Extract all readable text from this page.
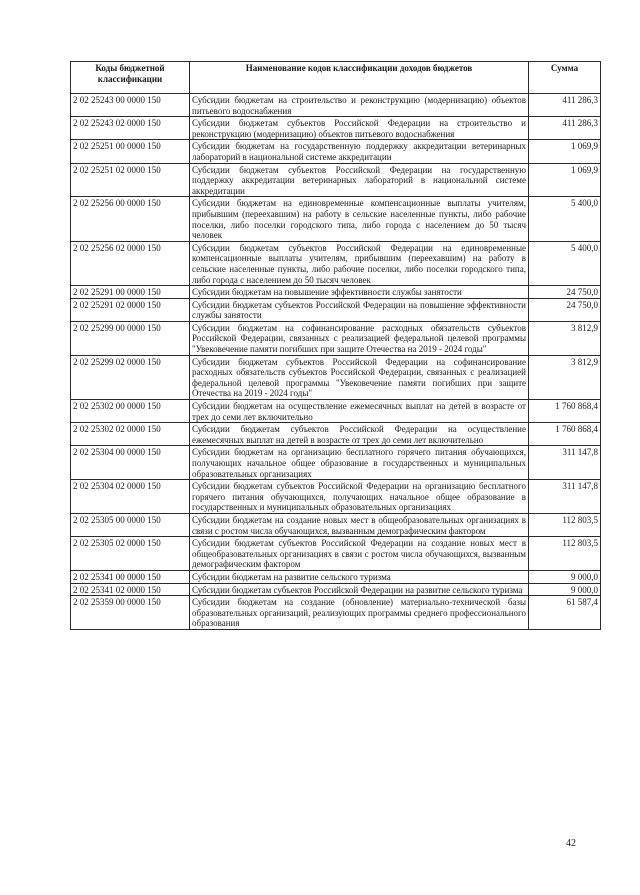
Коды бюджетной классификации	Наименование кодов классификации доходов бюджетов	Сумма
2 02 25243 00 0000 150	Субсидии бюджетам на строительство и реконструкцию (модернизацию) объектов питьевого водоснабжения	411 286,3
2 02 25243 02 0000 150	Субсидии бюджетам субъектов Российской Федерации на строительство и реконструкцию (модернизацию) объектов питьевого водоснабжения	411 286,3
2 02 25251 00 0000 150	Субсидии бюджетам на государственную поддержку аккредитации ветеринарных лабораторий в национальной системе аккредитации	1 069,9
2 02 25251 02 0000 150	Субсидии бюджетам субъектов Российской Федерации на государственную поддержку аккредитации ветеринарных лабораторий в национальной системе аккредитации	1 069,9
2 02 25256 00 0000 150	Субсидии бюджетам на единовременные компенсационные выплаты учителям, прибывшим (переехавшим) на работу в сельские населенные пункты, либо рабочие поселки, либо поселки городского типа, либо города с населением до 50 тысяч человек	5 400,0
2 02 25256 02 0000 150	Субсидии бюджетам субъектов Российской Федерации на единовременные компенсационные выплаты учителям, прибывшим (переехавшим) на работу в сельские населенные пункты, либо рабочие поселки, либо поселки городского типа, либо города с населением до 50 тысяч человек	5 400,0
2 02 25291 00 0000 150	Субсидии бюджетам на повышение эффективности службы занятости	24 750,0
2 02 25291 02 0000 150	Субсидии бюджетам субъектов Российской Федерации на повышение эффективности службы занятости	24 750,0
2 02 25299 00 0000 150	Субсидии бюджетам на софинансирование расходных обязательств субъектов Российской Федерации, связанных с реализацией федеральной целевой программы "Увековечение памяти погибших при защите Отечества на 2019 - 2024 годы"	3 812,9
2 02 25299 02 0000 150	Субсидии бюджетам субъектов Российской Федерации на софинансирование расходных обязательств субъектов Российской Федерации, связанных с реализацией федеральной целевой программы "Увековечение памяти погибших при защите Отечества на 2019 - 2024 годы"	3 812,9
2 02 25302 00 0000 150	Субсидии бюджетам на осуществление ежемесячных выплат на детей в возрасте от трех до семи лет включительно	1 760 868,4
2 02 25302 02 0000 150	Субсидии бюджетам субъектов Российской Федерации на осуществление ежемесячных выплат на детей в возрасте от трех до семи лет включительно	1 760 868,4
2 02 25304 00 0000 150	Субсидии бюджетам на организацию бесплатного горячего питания обучающихся, получающих начальное общее образование в государственных и муниципальных образовательных организациях	311 147,8
2 02 25304 02 0000 150	Субсидии бюджетам субъектов Российской Федерации на организацию бесплатного горячего питания обучающихся, получающих начальное общее образование в государственных и муниципальных образовательных организациях	311 147,8
2 02 25305 00 0000 150	Субсидии бюджетам на создание новых мест в общеобразовательных организациях в связи с ростом числа обучающихся, вызванным демографическим фактором	112 803,5
2 02 25305 02 0000 150	Субсидии бюджетам субъектов Российской Федерации на создание новых мест в общеобразовательных организациях в связи с ростом числа обучающихся, вызванным демографическим фактором	112 803,5
2 02 25341 00 0000 150	Субсидии бюджетам на развитие сельского туризма	9 000,0
2 02 25341 02 0000 150	Субсидии бюджетам субъектов Российской Федерации на развитие сельского туризма	9 000,0
2 02 25359 00 0000 150	Субсидии бюджетам на создание (обновление) материально-технической базы образовательных организаций, реализующих программы среднего профессионального образования	61 587,4
42
